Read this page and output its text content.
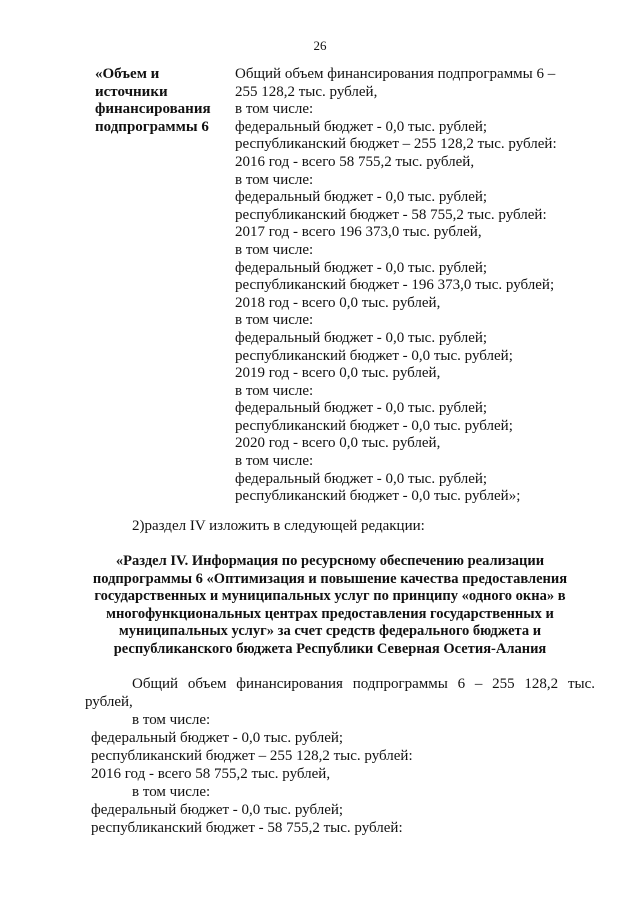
26
«Объем и источники финансирования подпрограммы 6
Общий объем финансирования подпрограммы 6 –
255 128,2 тыс. рублей,
в том числе:
федеральный бюджет - 0,0 тыс. рублей;
республиканский бюджет – 255 128,2 тыс. рублей:
2016 год - всего 58 755,2 тыс. рублей,
в том числе:
федеральный бюджет - 0,0 тыс. рублей;
республиканский бюджет - 58 755,2 тыс. рублей:
2017 год - всего 196 373,0 тыс. рублей,
в том числе:
федеральный бюджет - 0,0 тыс. рублей;
республиканский бюджет - 196 373,0 тыс. рублей;
2018 год - всего 0,0 тыс. рублей,
в том числе:
федеральный бюджет - 0,0 тыс. рублей;
республиканский бюджет - 0,0 тыс. рублей;
2019 год - всего 0,0 тыс. рублей,
в том числе:
федеральный бюджет - 0,0 тыс. рублей;
республиканский бюджет - 0,0 тыс. рублей;
2020 год - всего 0,0 тыс. рублей,
в том числе:
федеральный бюджет - 0,0 тыс. рублей;
республиканский бюджет - 0,0 тыс. рублей»;
2)раздел IV изложить в следующей редакции:
«Раздел IV. Информация по ресурсному обеспечению реализации
подпрограммы 6 «Оптимизация и повышение качества предоставления
государственных и муниципальных услуг по принципу «одного окна» в
многофункциональных центрах предоставления государственных и
муниципальных услуг» за счет средств федерального бюджета и
республиканского бюджета Республики Северная Осетия-Алания

Общий объем финансирования подпрограммы 6 – 255 128,2 тыс. рублей,

в том числе:
федеральный бюджет - 0,0 тыс. рублей;
республиканский бюджет – 255 128,2 тыс. рублей:
2016 год - всего 58 755,2 тыс. рублей,
в том числе:
федеральный бюджет - 0,0 тыс. рублей;
республиканский бюджет - 58 755,2 тыс. рублей:
